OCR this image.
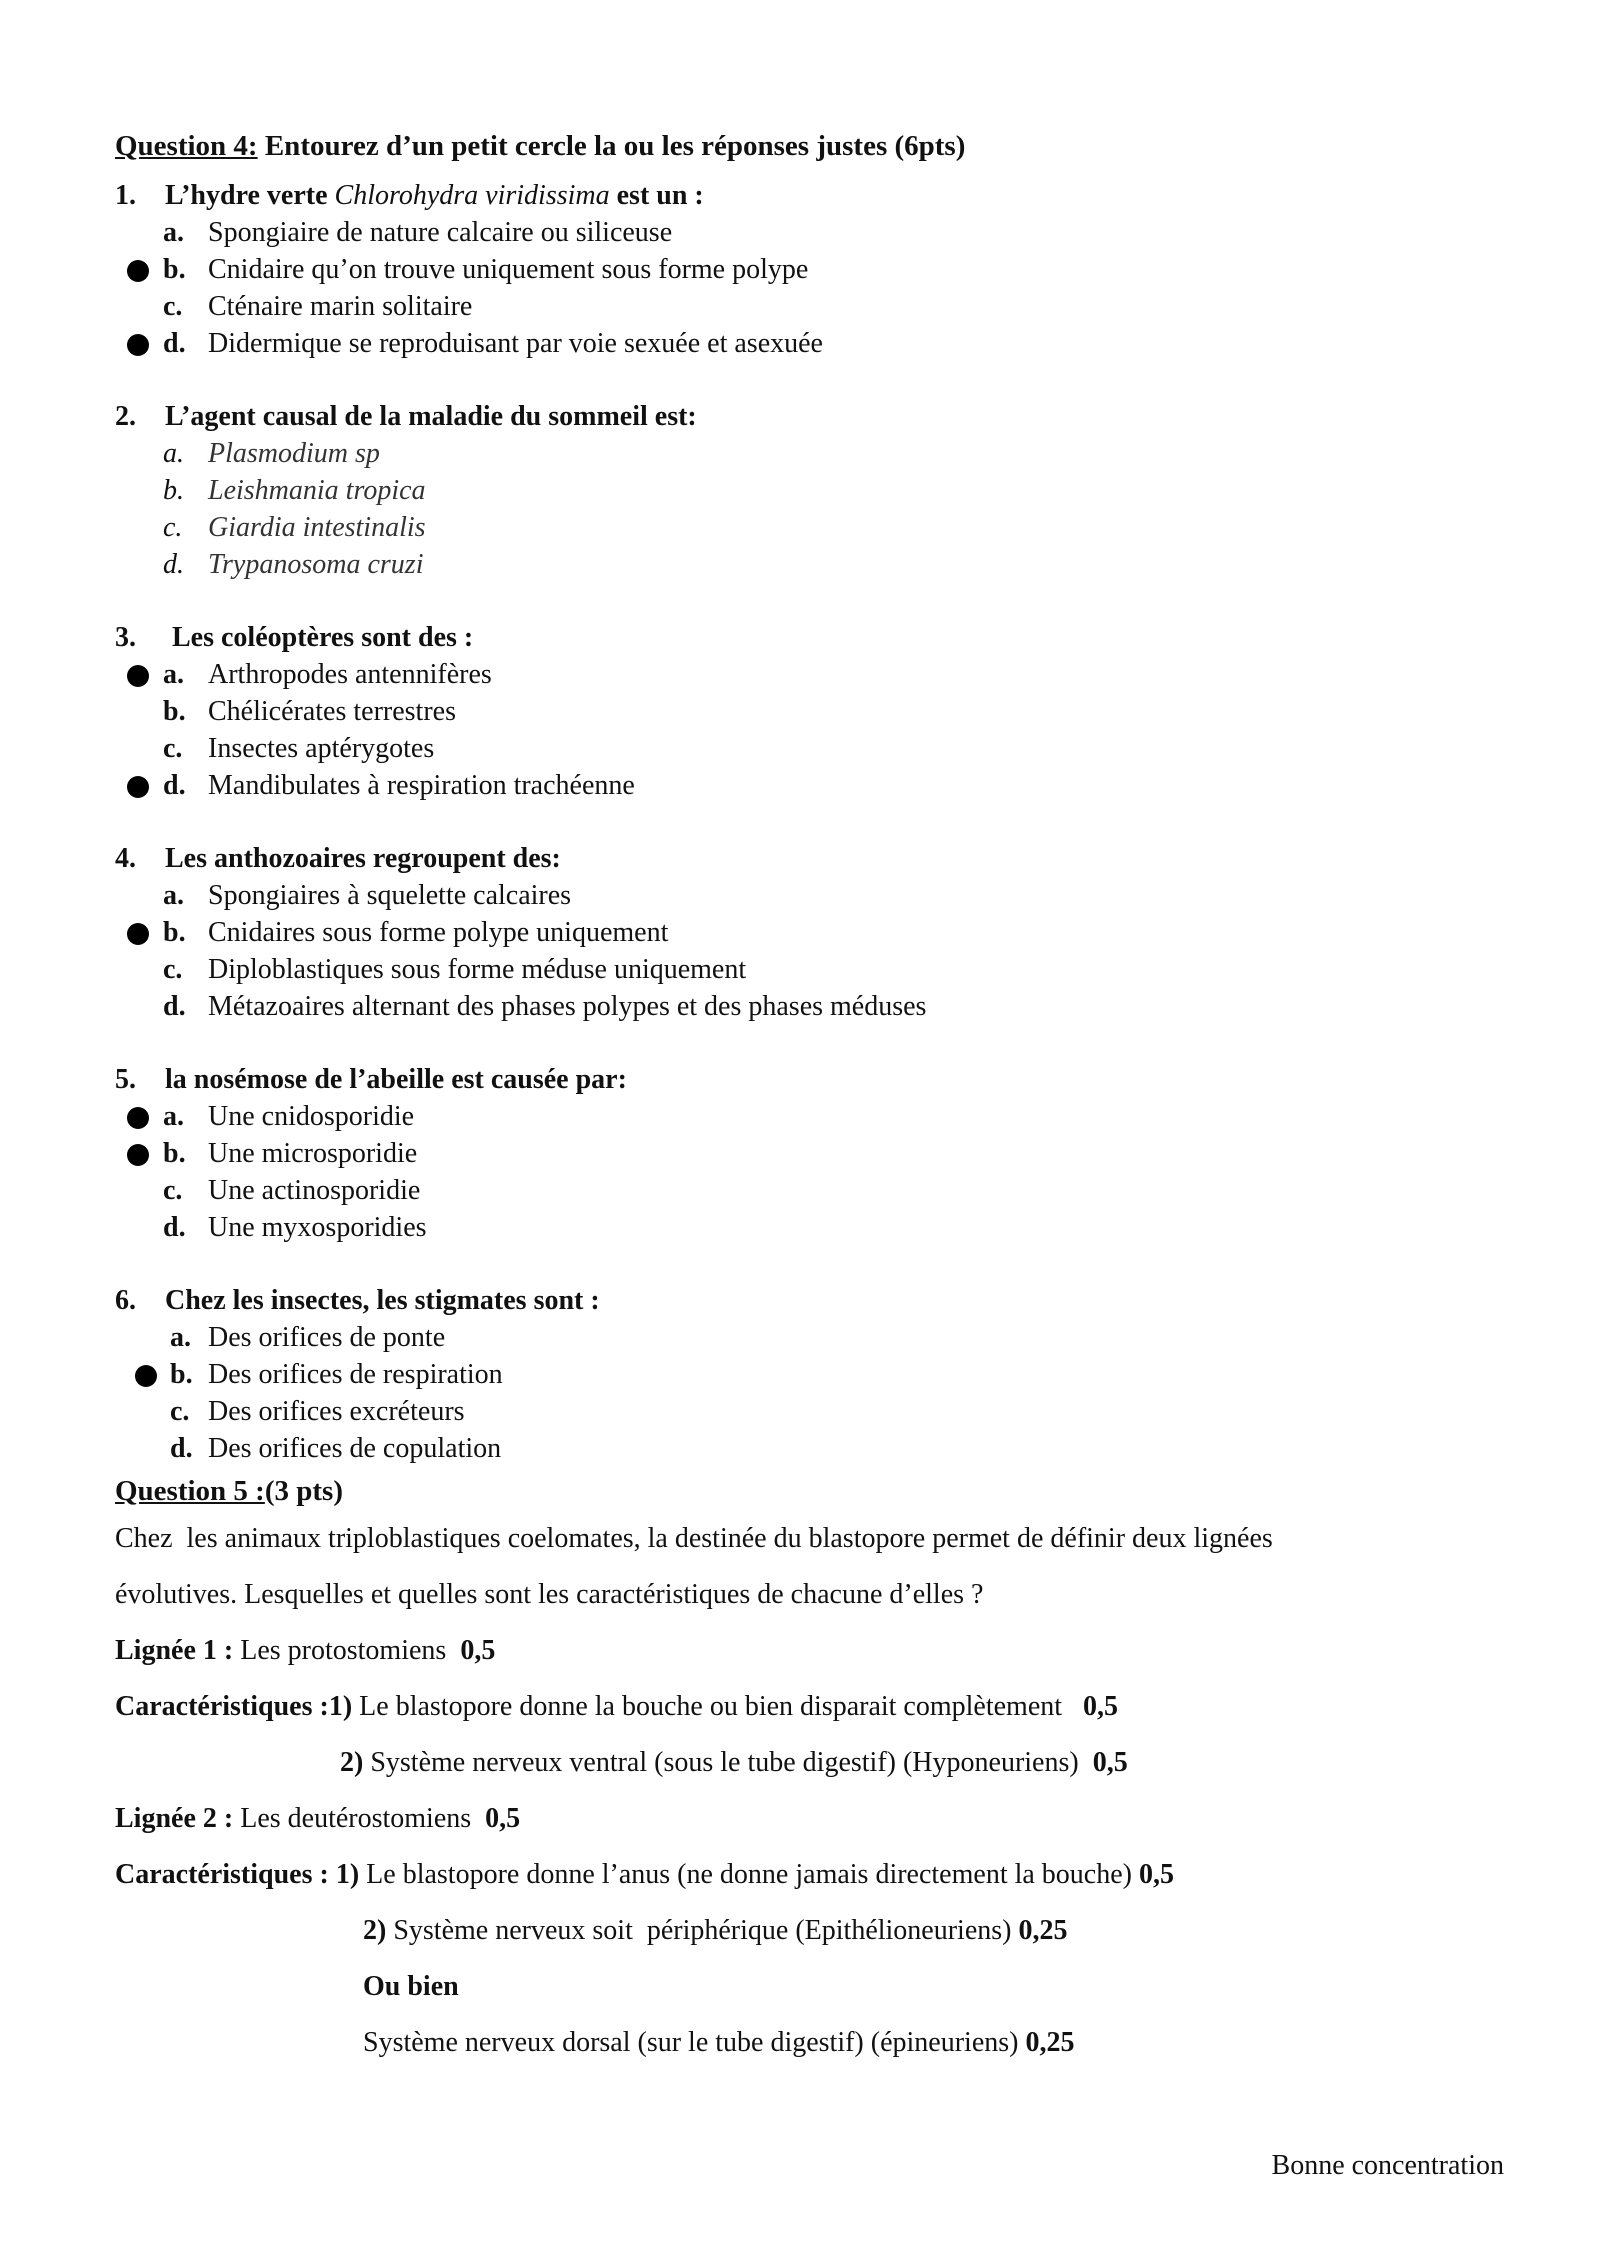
Question 4: Entourez d’un petit cercle la ou les réponses justes (6pts)
1.	L’hydre verte Chlorohydra viridissima est un :
a. Spongiaire de nature calcaire ou siliceuse
b. Cnidaire qu’on trouve uniquement sous forme polype
c. Cténaire marin solitaire
d. Didermique se reproduisant par voie sexuée et asexuée
2.	L’agent causal de la maladie du sommeil est:
a. Plasmodium sp
b. Leishmania tropica
c. Giardia intestinalis
d. Trypanosoma cruzi
3.	Les coléoptères sont des :
a. Arthropodes antennifères
b. Chélicérates terrestres
c. Insectes aptérygotes
d. Mandibulates à respiration trachéenne
4.	Les anthozoaires regroupent des:
a. Spongiaires à squelette calcaires
b. Cnidaires sous forme polype uniquement
c. Diploblastiques sous forme méduse uniquement
d. Métazoaires alternant des phases polypes et des phases méduses
5.	la nosémose de l’abeille est causée par:
a. Une cnidosporidie
b. Une microsporidie
c. Une actinosporidie
d. Une myxosporidies
6.	Chez les insectes, les stigmates sont :
a. Des orifices de ponte
b. Des orifices de respiration
c. Des orifices excréteurs
d. Des orifices de copulation
Question 5 : (3 pts)
Chez  les animaux triploblastiques coelomates, la destinée du blastopore permet de définir deux lignées
évolutives. Lesquelles et quelles sont les caractéristiques de chacune d’elles ?
Lignée 1 : Les protostomiens 0,5
Caractéristiques : 1) Le blastopore donne la bouche ou bien disparait complètement 0,5
2) Système nerveux ventral (sous le tube digestif) (Hyponeuriens) 0,5
Lignée 2 : Les deutérostomiens 0,5
Caractéristiques : 1) Le blastopore donne l’anus (ne donne jamais directement la bouche) 0,5
2) Système nerveux soit  périphérique (Epithélioneuriens) 0,25
Ou bien
Système nerveux dorsal (sur le tube digestif) (épineuriens) 0,25
Bonne concentration
